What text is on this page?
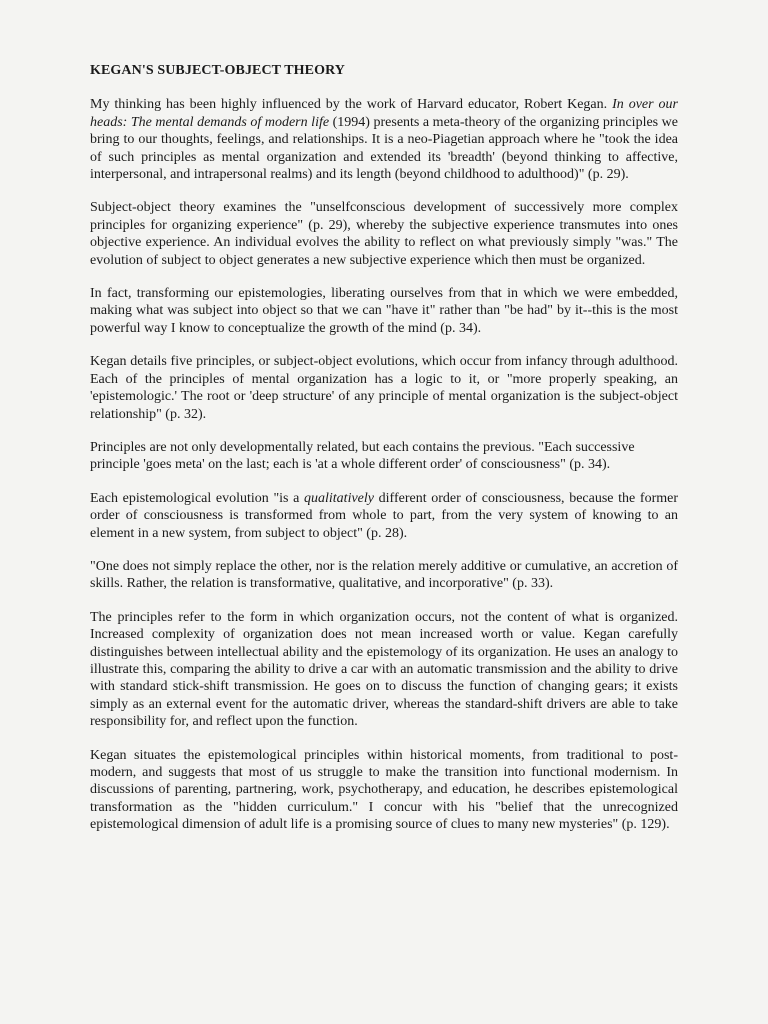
KEGAN'S SUBJECT-OBJECT THEORY

My thinking has been highly influenced by the work of Harvard educator, Robert Kegan. In over our heads: The mental demands of modern life (1994) presents a meta-theory of the organizing principles we bring to our thoughts, feelings, and relationships. It is a neo-Piagetian approach where he "took the idea of such principles as mental organization and extended its 'breadth' (beyond thinking to affective, interpersonal, and intrapersonal realms) and its length (beyond childhood to adulthood)" (p. 29).

Subject-object theory examines the "unselfconscious development of successively more complex principles for organizing experience" (p. 29), whereby the subjective experience transmutes into ones objective experience. An individual evolves the ability to reflect on what previously simply "was." The evolution of subject to object generates a new subjective experience which then must be organized.

In fact, transforming our epistemologies, liberating ourselves from that in which we were embedded, making what was subject into object so that we can "have it" rather than "be had" by it--this is the most powerful way I know to conceptualize the growth of the mind (p. 34).

Kegan details five principles, or subject-object evolutions, which occur from infancy through adulthood. Each of the principles of mental organization has a logic to it, or "more properly speaking, an 'epistemologic.' The root or 'deep structure' of any principle of mental organization is the subject-object relationship" (p. 32).

Principles are not only developmentally related, but each contains the previous. "Each successive principle 'goes meta' on the last; each is 'at a whole different order' of consciousness" (p. 34).

Each epistemological evolution "is a qualitatively different order of consciousness, because the former order of consciousness is transformed from whole to part, from the very system of knowing to an element in a new system, from subject to object" (p. 28).

"One does not simply replace the other, nor is the relation merely additive or cumulative, an accretion of skills. Rather, the relation is transformative, qualitative, and incorporative" (p. 33).

The principles refer to the form in which organization occurs, not the content of what is organized. Increased complexity of organization does not mean increased worth or value. Kegan carefully distinguishes between intellectual ability and the epistemology of its organization. He uses an analogy to illustrate this, comparing the ability to drive a car with an automatic transmission and the ability to drive with standard stick-shift transmission. He goes on to discuss the function of changing gears; it exists simply as an external event for the automatic driver, whereas the standard-shift drivers are able to take responsibility for, and reflect upon the function.

Kegan situates the epistemological principles within historical moments, from traditional to post-modern, and suggests that most of us struggle to make the transition into functional modernism. In discussions of parenting, partnering, work, psychotherapy, and education, he describes epistemological transformation as the "hidden curriculum." I concur with his "belief that the unrecognized epistemological dimension of adult life is a promising source of clues to many new mysteries" (p. 129).
